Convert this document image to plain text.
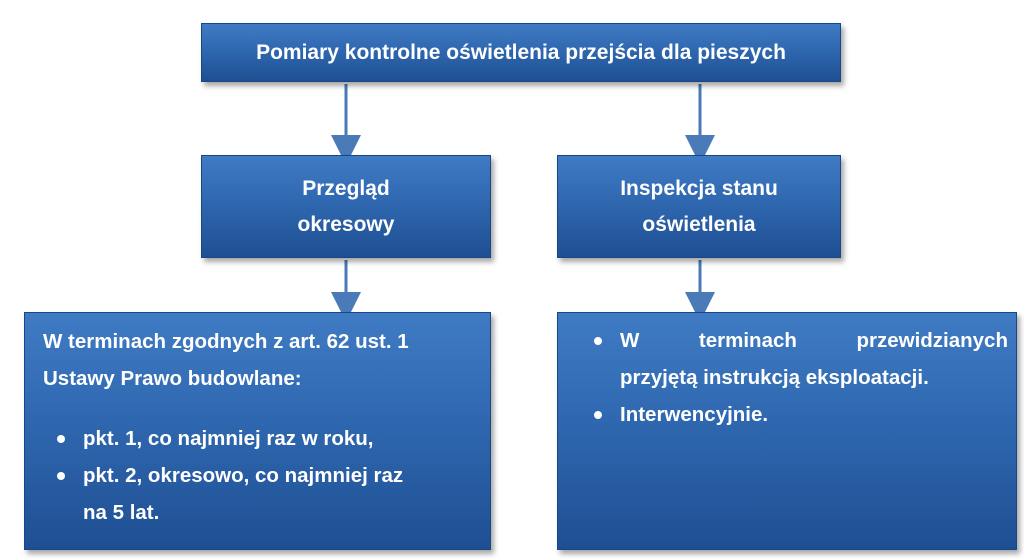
Pomiary kontrolne oświetlenia przejścia dla pieszych
Przegląd
okresowy
Inspekcja stanu
oświetlenia
W terminach zgodnych z art. 62 ust. 1
Ustawy Prawo budowlane:
pkt. 1, co najmniej raz w roku,
pkt. 2, okresowo, co najmniej raz
na 5 lat.
W	terminach	przewidzianych
przyjętą instrukcją eksploatacji.
Interwencyjnie.
